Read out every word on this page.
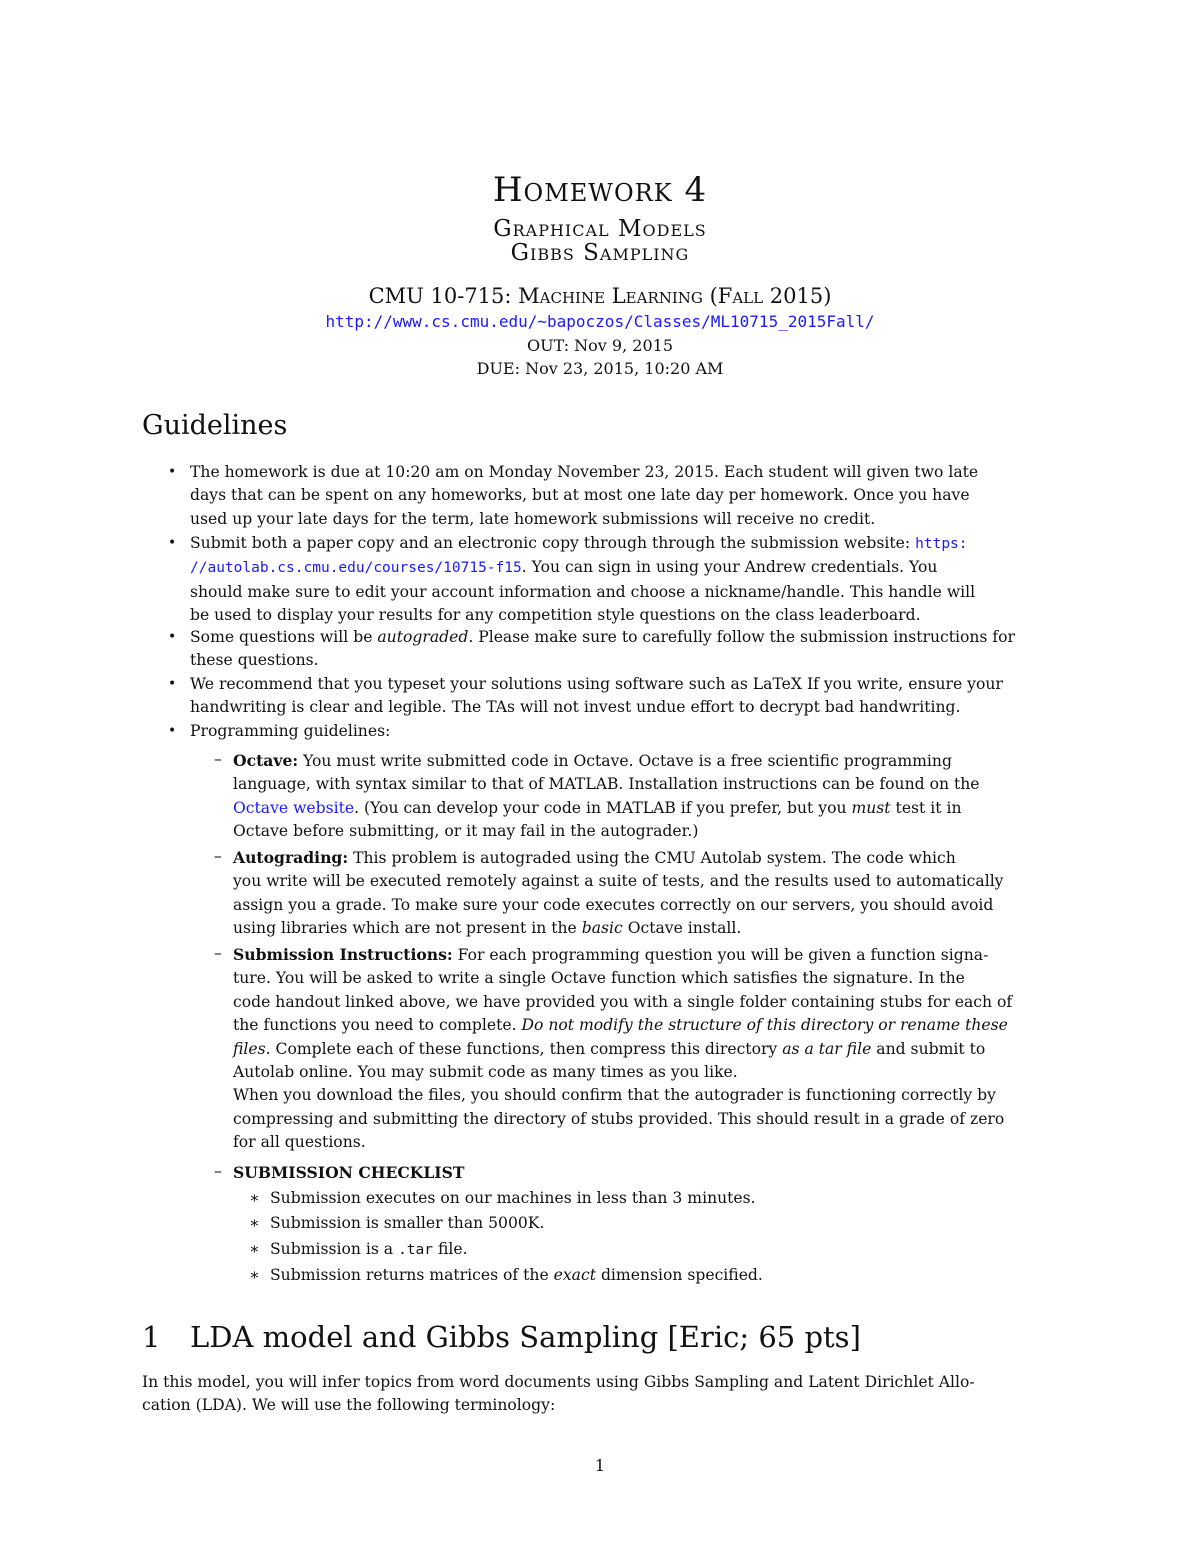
Homework 4
Graphical Models
Gibbs Sampling
CMU 10-715: Machine Learning (Fall 2015)
http://www.cs.cmu.edu/~bapoczos/Classes/ML10715_2015Fall/
OUT: Nov 9, 2015
DUE: Nov 23, 2015, 10:20 AM
Guidelines
• The homework is due at 10:20 am on Monday November 23, 2015. Each student will given two late
days that can be spent on any homeworks, but at most one late day per homework. Once you have
used up your late days for the term, late homework submissions will receive no credit.
• Submit both a paper copy and an electronic copy through through the submission website: https:
//autolab.cs.cmu.edu/courses/10715-f15. You can sign in using your Andrew credentials. You
should make sure to edit your account information and choose a nickname/handle. This handle will
be used to display your results for any competition style questions on the class leaderboard.
• Some questions will be autograded. Please make sure to carefully follow the submission instructions for
these questions.
• We recommend that you typeset your solutions using software such as LaTeX If you write, ensure your
handwriting is clear and legible. The TAs will not invest undue effort to decrypt bad handwriting.
• Programming guidelines:
– Octave: You must write submitted code in Octave. Octave is a free scientific programming
language, with syntax similar to that of MATLAB. Installation instructions can be found on the
Octave website. (You can develop your code in MATLAB if you prefer, but you must test it in
Octave before submitting, or it may fail in the autograder.)
– Autograding: This problem is autograded using the CMU Autolab system. The code which
you write will be executed remotely against a suite of tests, and the results used to automatically
assign you a grade. To make sure your code executes correctly on our servers, you should avoid
using libraries which are not present in the basic Octave install.
– Submission Instructions: For each programming question you will be given a function signa-
ture. You will be asked to write a single Octave function which satisfies the signature. In the
code handout linked above, we have provided you with a single folder containing stubs for each of
the functions you need to complete. Do not modify the structure of this directory or rename these
files. Complete each of these functions, then compress this directory as a tar file and submit to
Autolab online. You may submit code as many times as you like.
When you download the files, you should confirm that the autograder is functioning correctly by
compressing and submitting the directory of stubs provided. This should result in a grade of zero
for all questions.
– SUBMISSION CHECKLIST
∗ Submission executes on our machines in less than 3 minutes.
∗ Submission is smaller than 5000K.
∗ Submission is a .tar file.
∗ Submission returns matrices of the exact dimension specified.
1 LDA model and Gibbs Sampling [Eric; 65 pts]
In this model, you will infer topics from word documents using Gibbs Sampling and Latent Dirichlet Allo-
cation (LDA). We will use the following terminology:
1
